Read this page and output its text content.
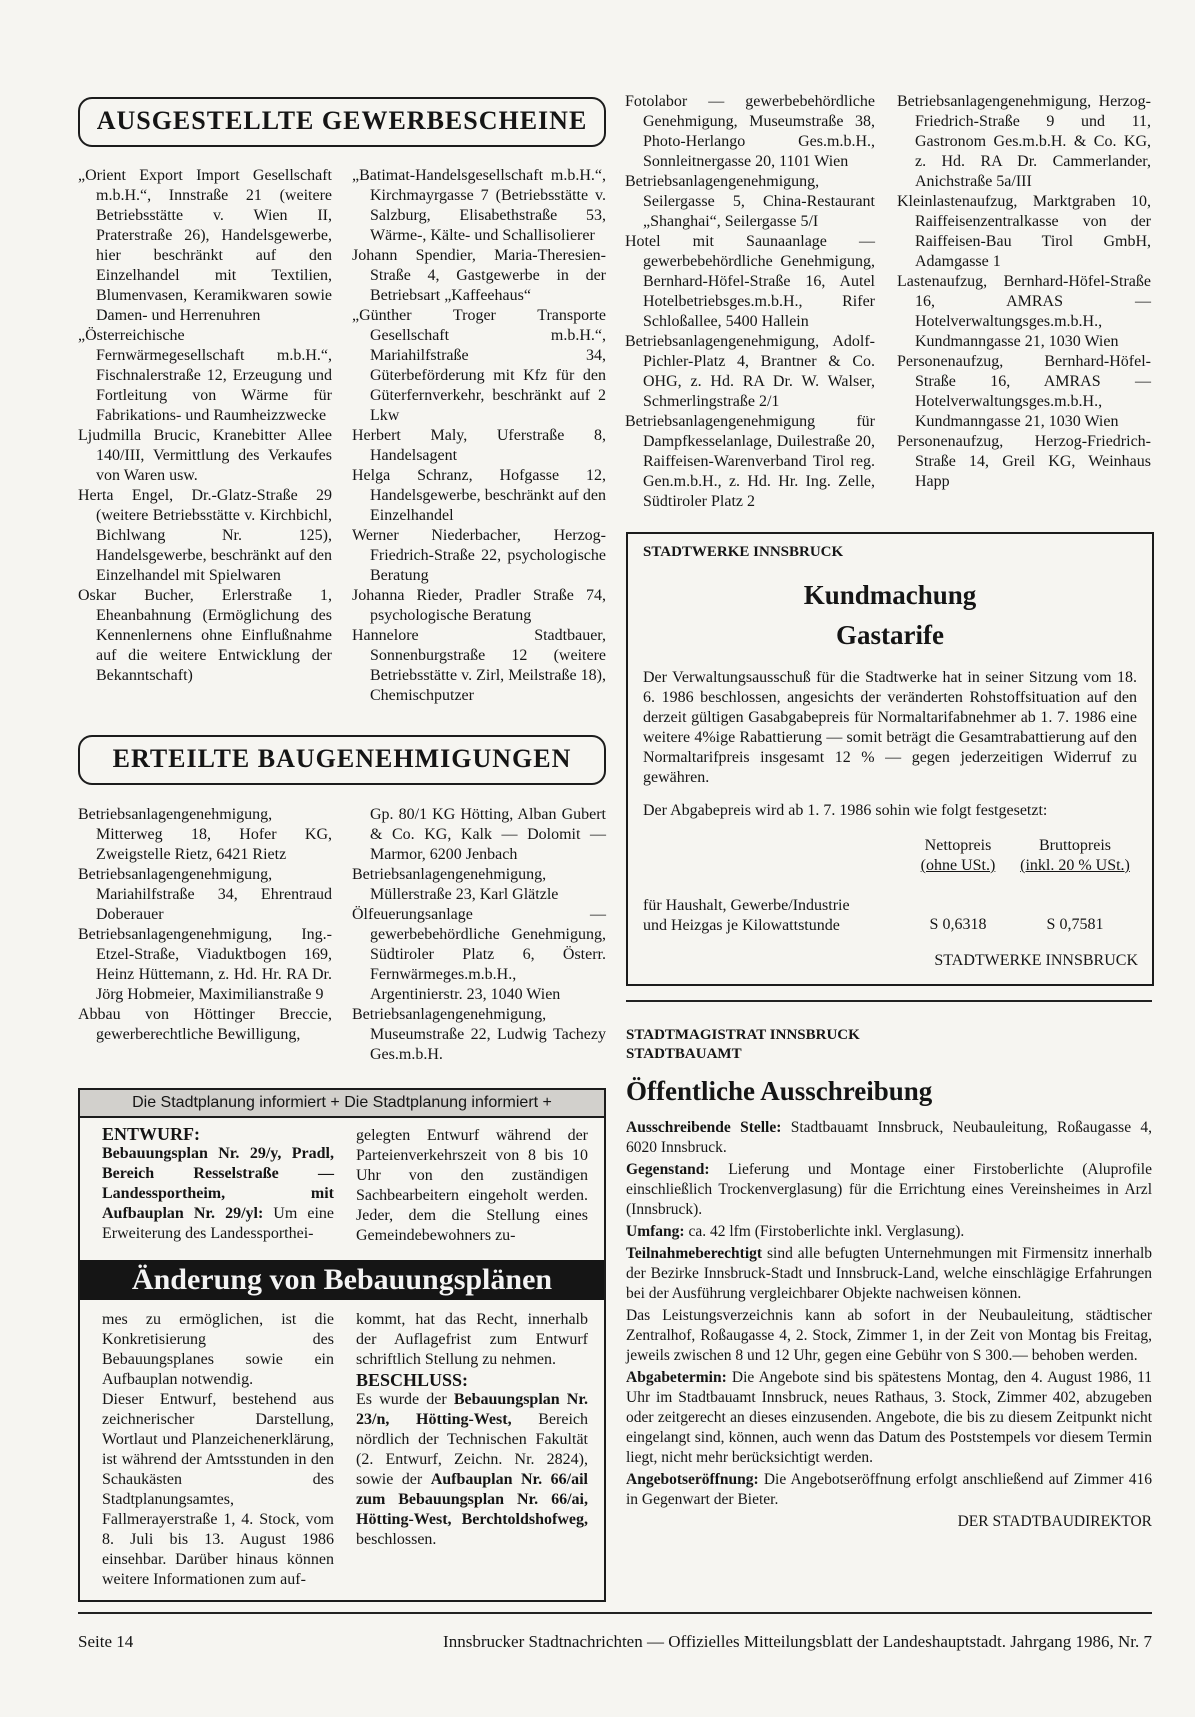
AUSGESTELLTE GEWERBESCHEINE

„Orient Export Import Gesellschaft m.b.H.“, Innstraße 21 (weitere Betriebsstätte v. Wien II, Praterstraße 26), Handelsgewerbe, hier beschränkt auf den Einzelhandel mit Textilien, Blumenvasen, Keramikwaren sowie Damen- und Herrenuhren

„Österreichische Fernwärmegesellschaft m.b.H.“, Fischnalerstraße 12, Erzeugung und Fortleitung von Wärme für Fabrikations- und Raumheizzwecke

Ljudmilla Brucic, Kranebitter Allee 140/III, Vermittlung des Verkaufes von Waren usw.

Herta Engel, Dr.-Glatz-Straße 29 (weitere Betriebsstätte v. Kirchbichl, Bichlwang Nr. 125), Handelsgewerbe, beschränkt auf den Einzelhandel mit Spielwaren

Oskar Bucher, Erlerstraße 1, Eheanbahnung (Ermöglichung des Kennenlernens ohne Einflußnahme auf die weitere Entwicklung der Bekanntschaft)

„Batimat-Handelsgesellschaft m.b.H.“, Kirchmayrgasse 7 (Betriebsstätte v. Salzburg, Elisabethstraße 53, Wärme-, Kälte- und Schallisolierer

Johann Spendier, Maria-Theresien-Straße 4, Gastgewerbe in der Betriebsart „Kaffeehaus“

„Günther Troger Transporte Gesellschaft m.b.H.“, Mariahilfstraße 34, Güterbeförderung mit Kfz für den Güterfernverkehr, beschränkt auf 2 Lkw

Herbert Maly, Uferstraße 8, Handelsagent

Helga Schranz, Hofgasse 12, Handelsgewerbe, beschränkt auf den Einzelhandel

Werner Niederbacher, Herzog-Friedrich-Straße 22, psychologische Beratung

Johanna Rieder, Pradler Straße 74, psychologische Beratung

Hannelore Stadtbauer, Sonnenburgstraße 12 (weitere Betriebsstätte v. Zirl, Meilstraße 18), Chemischputzer

ERTEILTE BAUGENEHMIGUNGEN

Betriebsanlagengenehmigung, Mitterweg 18, Hofer KG, Zweigstelle Rietz, 6421 Rietz

Betriebsanlagengenehmigung, Mariahilfstraße 34, Ehrentraud Doberauer

Betriebsanlagengenehmigung, Ing.-Etzel-Straße, Viaduktbogen 169, Heinz Hüttemann, z. Hd. Hr. RA Dr. Jörg Hobmeier, Maximilianstraße 9

Abbau von Höttinger Breccie, gewerberechtliche Bewilligung,

Gp. 80/1 KG Hötting, Alban Gubert & Co. KG, Kalk — Dolomit — Marmor, 6200 Jenbach

Betriebsanlagengenehmigung, Müllerstraße 23, Karl Glätzle

Ölfeuerungsanlage — gewerbebehördliche Genehmigung, Südtiroler Platz 6, Österr. Fernwärmeges.m.b.H., Argentinierstr. 23, 1040 Wien

Betriebsanlagengenehmigung, Museumstraße 22, Ludwig Tachezy Ges.m.b.H.

Fotolabor — gewerbebehördliche Genehmigung, Museumstraße 38, Photo-Herlango Ges.m.b.H., Sonnleitnergasse 20, 1101 Wien

Betriebsanlagengenehmigung, Seilergasse 5, China-Restaurant „Shanghai“, Seilergasse 5/I

Hotel mit Saunaanlage — gewerbebehördliche Genehmigung, Bernhard-Höfel-Straße 16, Autel Hotelbetriebsges.m.b.H., Rifer Schloßallee, 5400 Hallein

Betriebsanlagengenehmigung, Adolf-Pichler-Platz 4, Brantner & Co. OHG, z. Hd. RA Dr. W. Walser, Schmerlingstraße 2/1

Betriebsanlagengenehmigung für Dampfkesselanlage, Duilestraße 20, Raiffeisen-Warenverband Tirol reg. Gen.m.b.H., z. Hd. Hr. Ing. Zelle, Südtiroler Platz 2

Betriebsanlagengenehmigung, Herzog-Friedrich-Straße 9 und 11, Gastronom Ges.m.b.H. & Co. KG, z. Hd. RA Dr. Cammerlander, Anichstraße 5a/III

Kleinlastenaufzug, Marktgraben 10, Raiffeisenzentralkasse von der Raiffeisen-Bau Tirol GmbH, Adamgasse 1

Lastenaufzug, Bernhard-Höfel-Straße 16, AMRAS — Hotelverwaltungsges.m.b.H., Kundmanngasse 21, 1030 Wien

Personenaufzug, Bernhard-Höfel-Straße 16, AMRAS — Hotelverwaltungsges.m.b.H., Kundmanngasse 21, 1030 Wien

Personenaufzug, Herzog-Friedrich-Straße 14, Greil KG, Weinhaus Happ

STADTWERKE INNSBRUCK
Kundmachung
Gastarife

Der Verwaltungsausschuß für die Stadtwerke hat in seiner Sitzung vom 18. 6. 1986 beschlossen, angesichts der veränderten Rohstoffsituation auf den derzeit gültigen Gasabgabepreis für Normaltarifabnehmer ab 1. 7. 1986 eine weitere 4%ige Rabattierung — somit beträgt die Gesamtrabattierung auf den Normaltarifpreis insgesamt 12 % — gegen jederzeitigen Widerruf zu gewähren.

Der Abgabepreis wird ab 1. 7. 1986 sohin wie folgt festgesetzt:
Nettopreis
(ohne USt.)
Bruttopreis
(inkl. 20 % USt.)
für Haushalt, Gewerbe/Industrie
und Heizgas je Kilowattstunde	S 0,6318	S 0,7581
STADTWERKE INNSBRUCK
Die Stadtplanung informiert + Die Stadtplanung informiert +
ENTWURF:

Bebauungsplan Nr. 29/y, Pradl, Bereich Resselstraße — Landessportheim, mit Aufbauplan Nr. 29/yl: Um eine Erweiterung des Landessporthei-

gelegten Entwurf während der Parteienverkehrszeit von 8 bis 10 Uhr von den zuständigen Sachbearbeitern eingeholt werden. Jeder, dem die Stellung eines Gemeindebewohners zu-

Änderung von Bebauungsplänen

mes zu ermöglichen, ist die Konkretisierung des Bebauungsplanes sowie ein Aufbauplan notwendig.

Dieser Entwurf, bestehend aus zeichnerischer Darstellung, Wortlaut und Planzeichenerklärung, ist während der Amtsstunden in den Schaukästen des Stadtplanungsamtes, Fallmerayerstraße 1, 4. Stock, vom 8. Juli bis 13. August 1986 einsehbar. Darüber hinaus können weitere Informationen zum auf-

kommt, hat das Recht, innerhalb der Auflagefrist zum Entwurf schriftlich Stellung zu nehmen.

BESCHLUSS:

Es wurde der Bebauungsplan Nr. 23/n, Hötting-West, Bereich nördlich der Technischen Fakultät (2. Entwurf, Zeichn. Nr. 2824), sowie der Aufbauplan Nr. 66/ail zum Bebauungsplan Nr. 66/ai, Hötting-West, Berchtoldshofweg, beschlossen.

STADTMAGISTRAT INNSBRUCK
STADTBAUAMT
Öffentliche Ausschreibung

Ausschreibende Stelle: Stadtbauamt Innsbruck, Neubauleitung, Roßaugasse 4, 6020 Innsbruck.

Gegenstand: Lieferung und Montage einer Firstoberlichte (Aluprofile einschließlich Trockenverglasung) für die Errichtung eines Vereinsheimes in Arzl (Innsbruck).

Umfang: ca. 42 lfm (Firstoberlichte inkl. Verglasung).

Teilnahmeberechtigt sind alle befugten Unternehmungen mit Firmensitz innerhalb der Bezirke Innsbruck-Stadt und Innsbruck-Land, welche einschlägige Erfahrungen bei der Ausführung vergleichbarer Objekte nachweisen können.

Das Leistungsverzeichnis kann ab sofort in der Neubauleitung, städtischer Zentralhof, Roßaugasse 4, 2. Stock, Zimmer 1, in der Zeit von Montag bis Freitag, jeweils zwischen 8 und 12 Uhr, gegen eine Gebühr von S 300.— behoben werden.

Abgabetermin: Die Angebote sind bis spätestens Montag, den 4. August 1986, 11 Uhr im Stadtbauamt Innsbruck, neues Rathaus, 3. Stock, Zimmer 402, abzugeben oder zeitgerecht an dieses einzusenden. Angebote, die bis zu diesem Zeitpunkt nicht eingelangt sind, können, auch wenn das Datum des Poststempels vor diesem Termin liegt, nicht mehr berücksichtigt werden.

Angebotseröffnung: Die Angebotseröffnung erfolgt anschließend auf Zimmer 416 in Gegenwart der Bieter.

DER STADTBAUDIREKTOR
Seite 14	Innsbrucker Stadtnachrichten — Offizielles Mitteilungsblatt der Landeshauptstadt. Jahrgang 1986, Nr. 7
